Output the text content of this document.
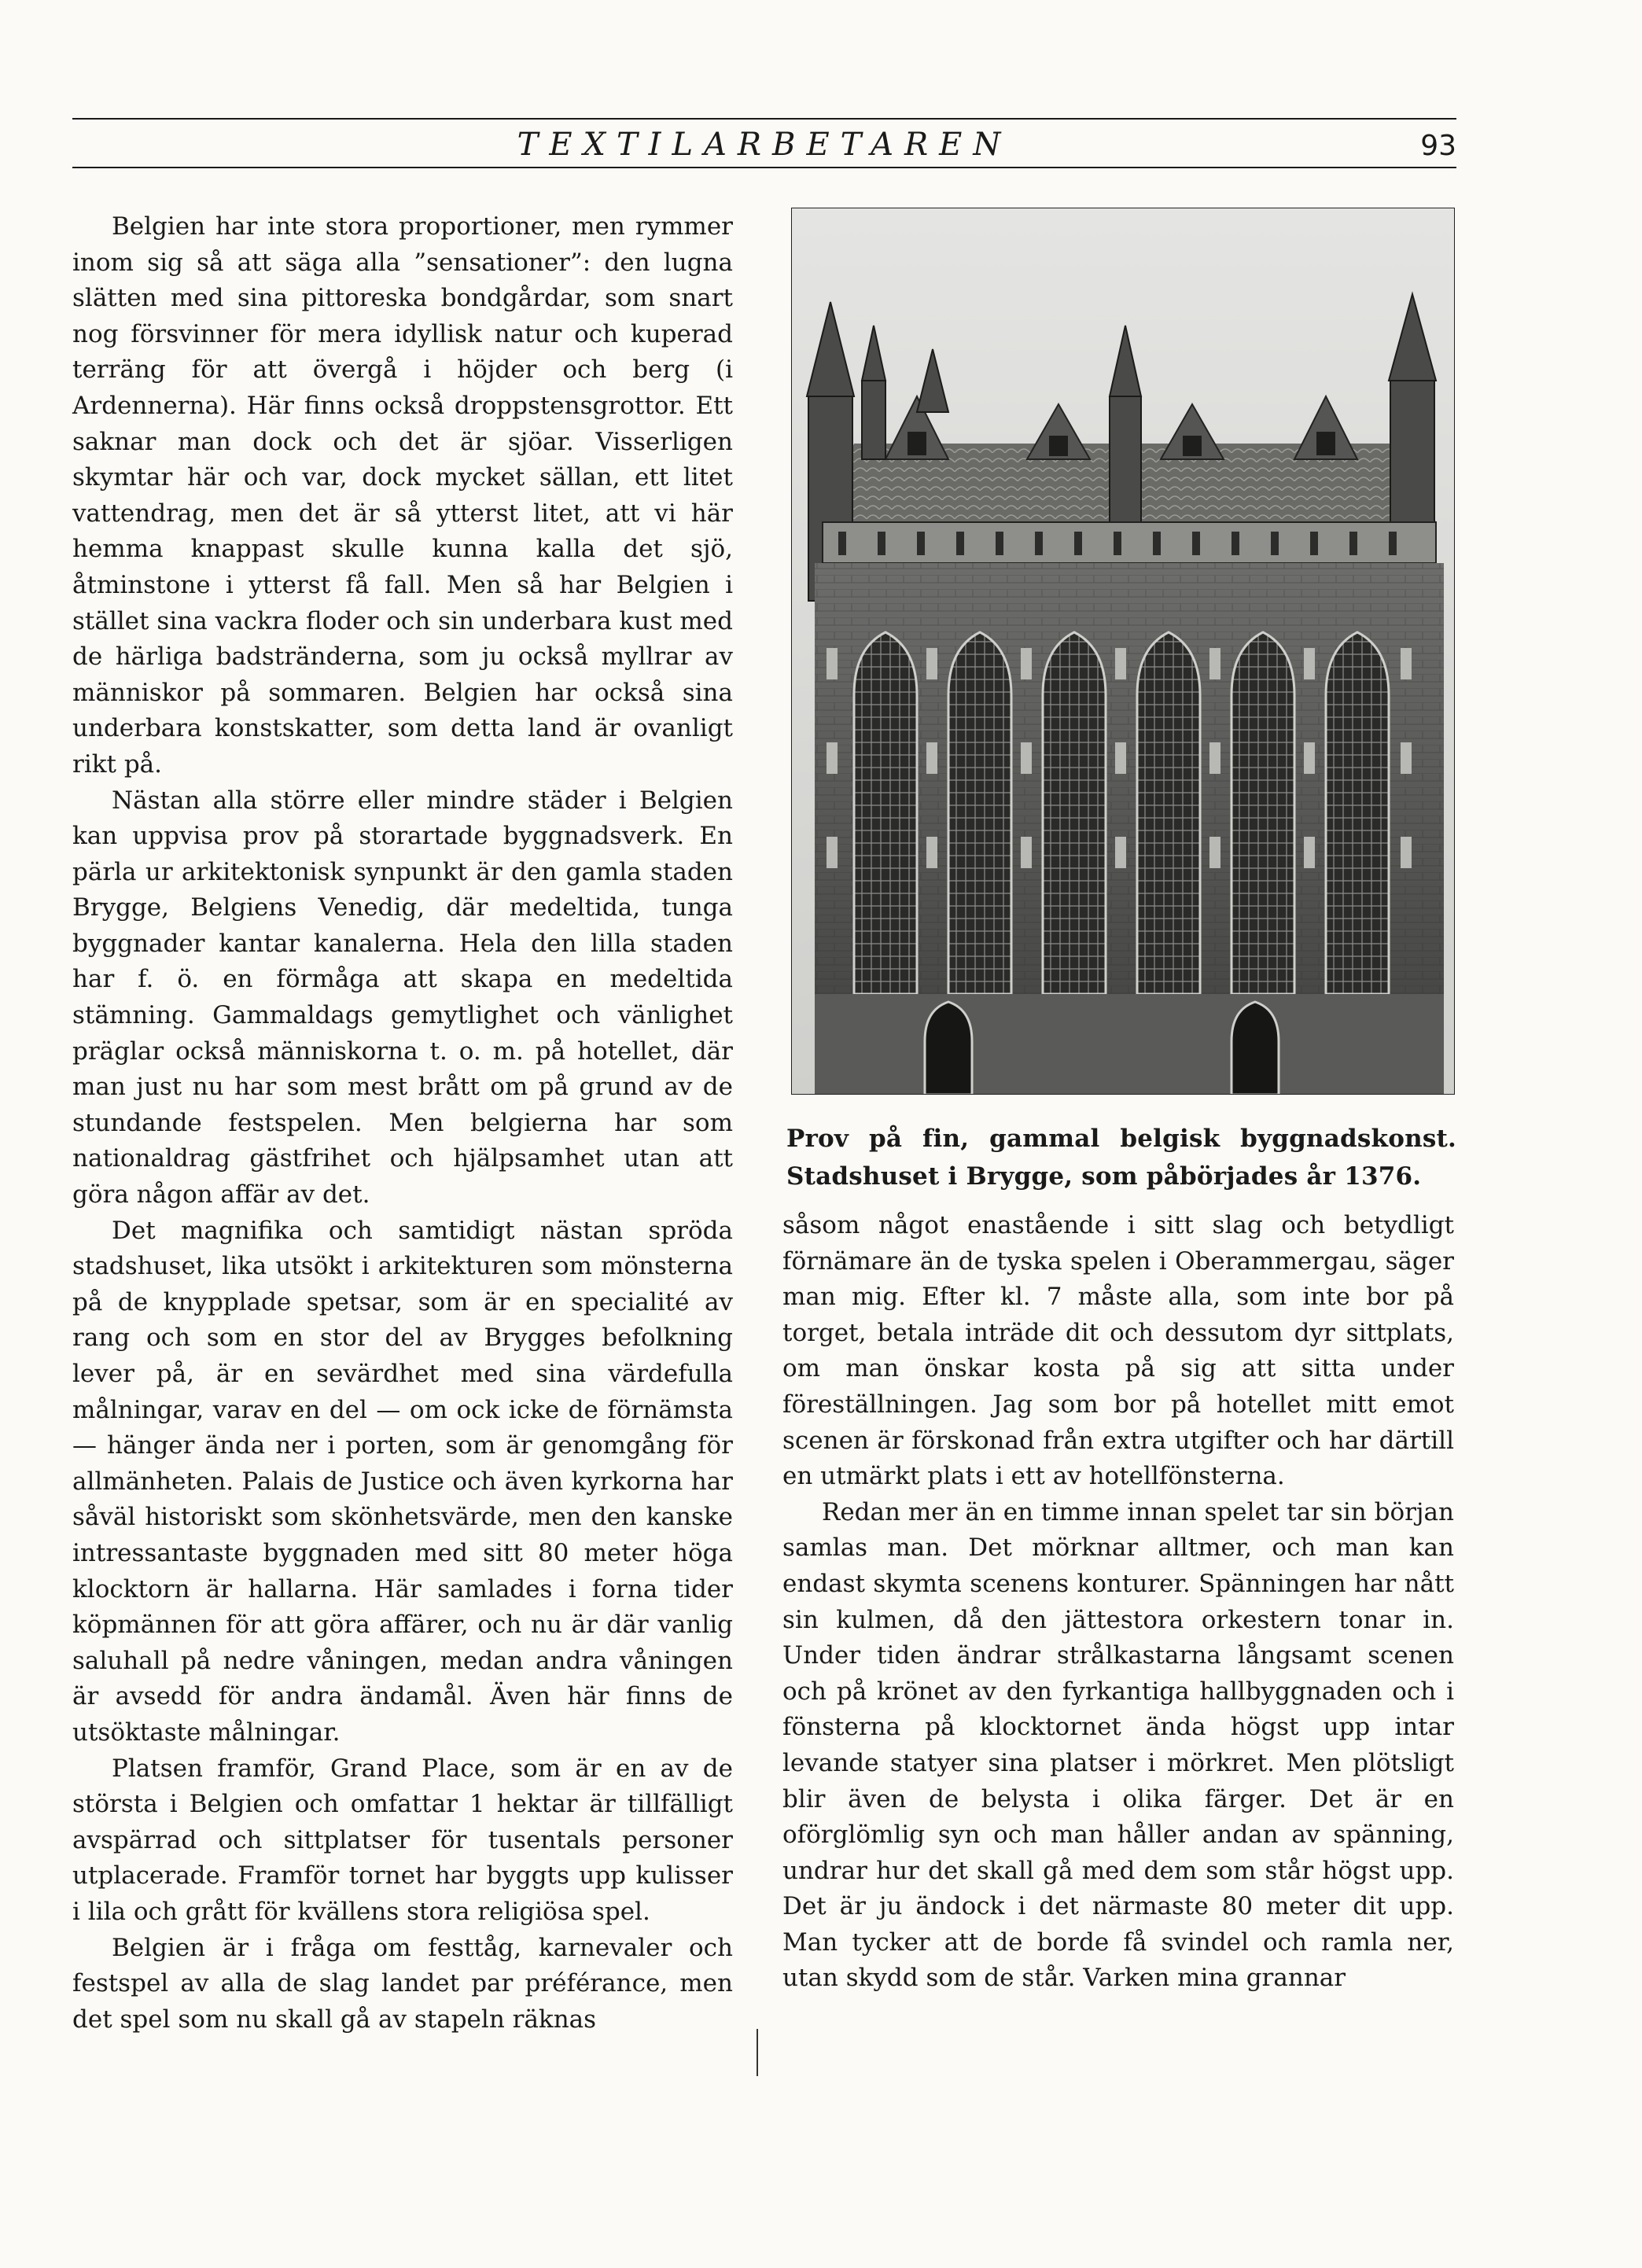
TEXTILARBETAREN	93

Belgien har inte stora proportioner, men rymmer inom sig så att säga alla ”sensationer”: den lugna slätten med sina pittoreska bondgårdar, som snart nog försvinner för mera idyllisk natur och kuperad terräng för att övergå i höjder och berg (i Ardennerna). Här finns också droppstensgrottor. Ett saknar man dock och det är sjöar. Visserligen skymtar här och var, dock mycket sällan, ett litet vattendrag, men det är så ytterst litet, att vi här hemma knappast skulle kunna kalla det sjö, åtminstone i ytterst få fall. Men så har Belgien i stället sina vackra floder och sin underbara kust med de härliga badstränderna, som ju också myllrar av människor på sommaren. Belgien har också sina underbara konstskatter, som detta land är ovanligt rikt på.

Nästan alla större eller mindre städer i Belgien kan uppvisa prov på storartade byggnadsverk. En pärla ur arkitektonisk synpunkt är den gamla staden Brygge, Belgiens Venedig, där medeltida, tunga byggnader kantar kanalerna. Hela den lilla staden har f. ö. en förmåga att skapa en medeltida stämning. Gammaldags gemytlighet och vänlighet präglar också människorna t. o. m. på hotellet, där man just nu har som mest brått om på grund av de stundande festspelen. Men belgierna har som nationaldrag gästfrihet och hjälpsamhet utan att göra någon affär av det.

Det magnifika och samtidigt nästan spröda stadshuset, lika utsökt i arkitekturen som mönsterna på de knypplade spetsar, som är en specialité av rang och som en stor del av Brygges befolkning lever på, är en sevärdhet med sina värdefulla målningar, varav en del — om ock icke de förnämsta — hänger ända ner i porten, som är genomgång för allmänheten. Palais de Justice och även kyrkorna har såväl historiskt som skönhetsvärde, men den kanske intressantaste byggnaden med sitt 80 meter höga klocktorn är hallarna. Här samlades i forna tider köpmännen för att göra affärer, och nu är där vanlig saluhall på nedre våningen, medan andra våningen är avsedd för andra ändamål. Även här finns de utsöktaste målningar.

Platsen framför, Grand Place, som är en av de största i Belgien och omfattar 1 hektar är tillfälligt avspärrad och sittplatser för tusentals personer utplacerade. Framför tornet har byggts upp kulisser i lila och grått för kvällens stora religiösa spel.

Belgien är i fråga om festtåg, karnevaler och festspel av alla de slag landet par préférance, men det spel som nu skall gå av stapeln räknas

Prov på fin, gammal belgisk byggnadskonst. Stadshuset i Brygge, som påbörjades år 1376.

såsom något enastående i sitt slag och betydligt förnämare än de tyska spelen i Oberammergau, säger man mig. Efter kl. 7 måste alla, som inte bor på torget, betala inträde dit och dessutom dyr sittplats, om man önskar kosta på sig att sitta under föreställningen. Jag som bor på hotellet mitt emot scenen är förskonad från extra utgifter och har därtill en utmärkt plats i ett av hotellfönsterna.

Redan mer än en timme innan spelet tar sin början samlas man. Det mörknar alltmer, och man kan endast skymta scenens konturer. Spänningen har nått sin kulmen, då den jättestora orkestern tonar in. Under tiden ändrar strålkastarna långsamt scenen och på krönet av den fyrkantiga hallbyggnaden och i fönsterna på klocktornet ända högst upp intar levande statyer sina platser i mörkret. Men plötsligt blir även de belysta i olika färger. Det är en oförglömlig syn och man håller andan av spänning, undrar hur det skall gå med dem som står högst upp. Det är ju ändock i det närmaste 80 meter dit upp. Man tycker att de borde få svindel och ramla ner, utan skydd som de står. Varken mina grannar
